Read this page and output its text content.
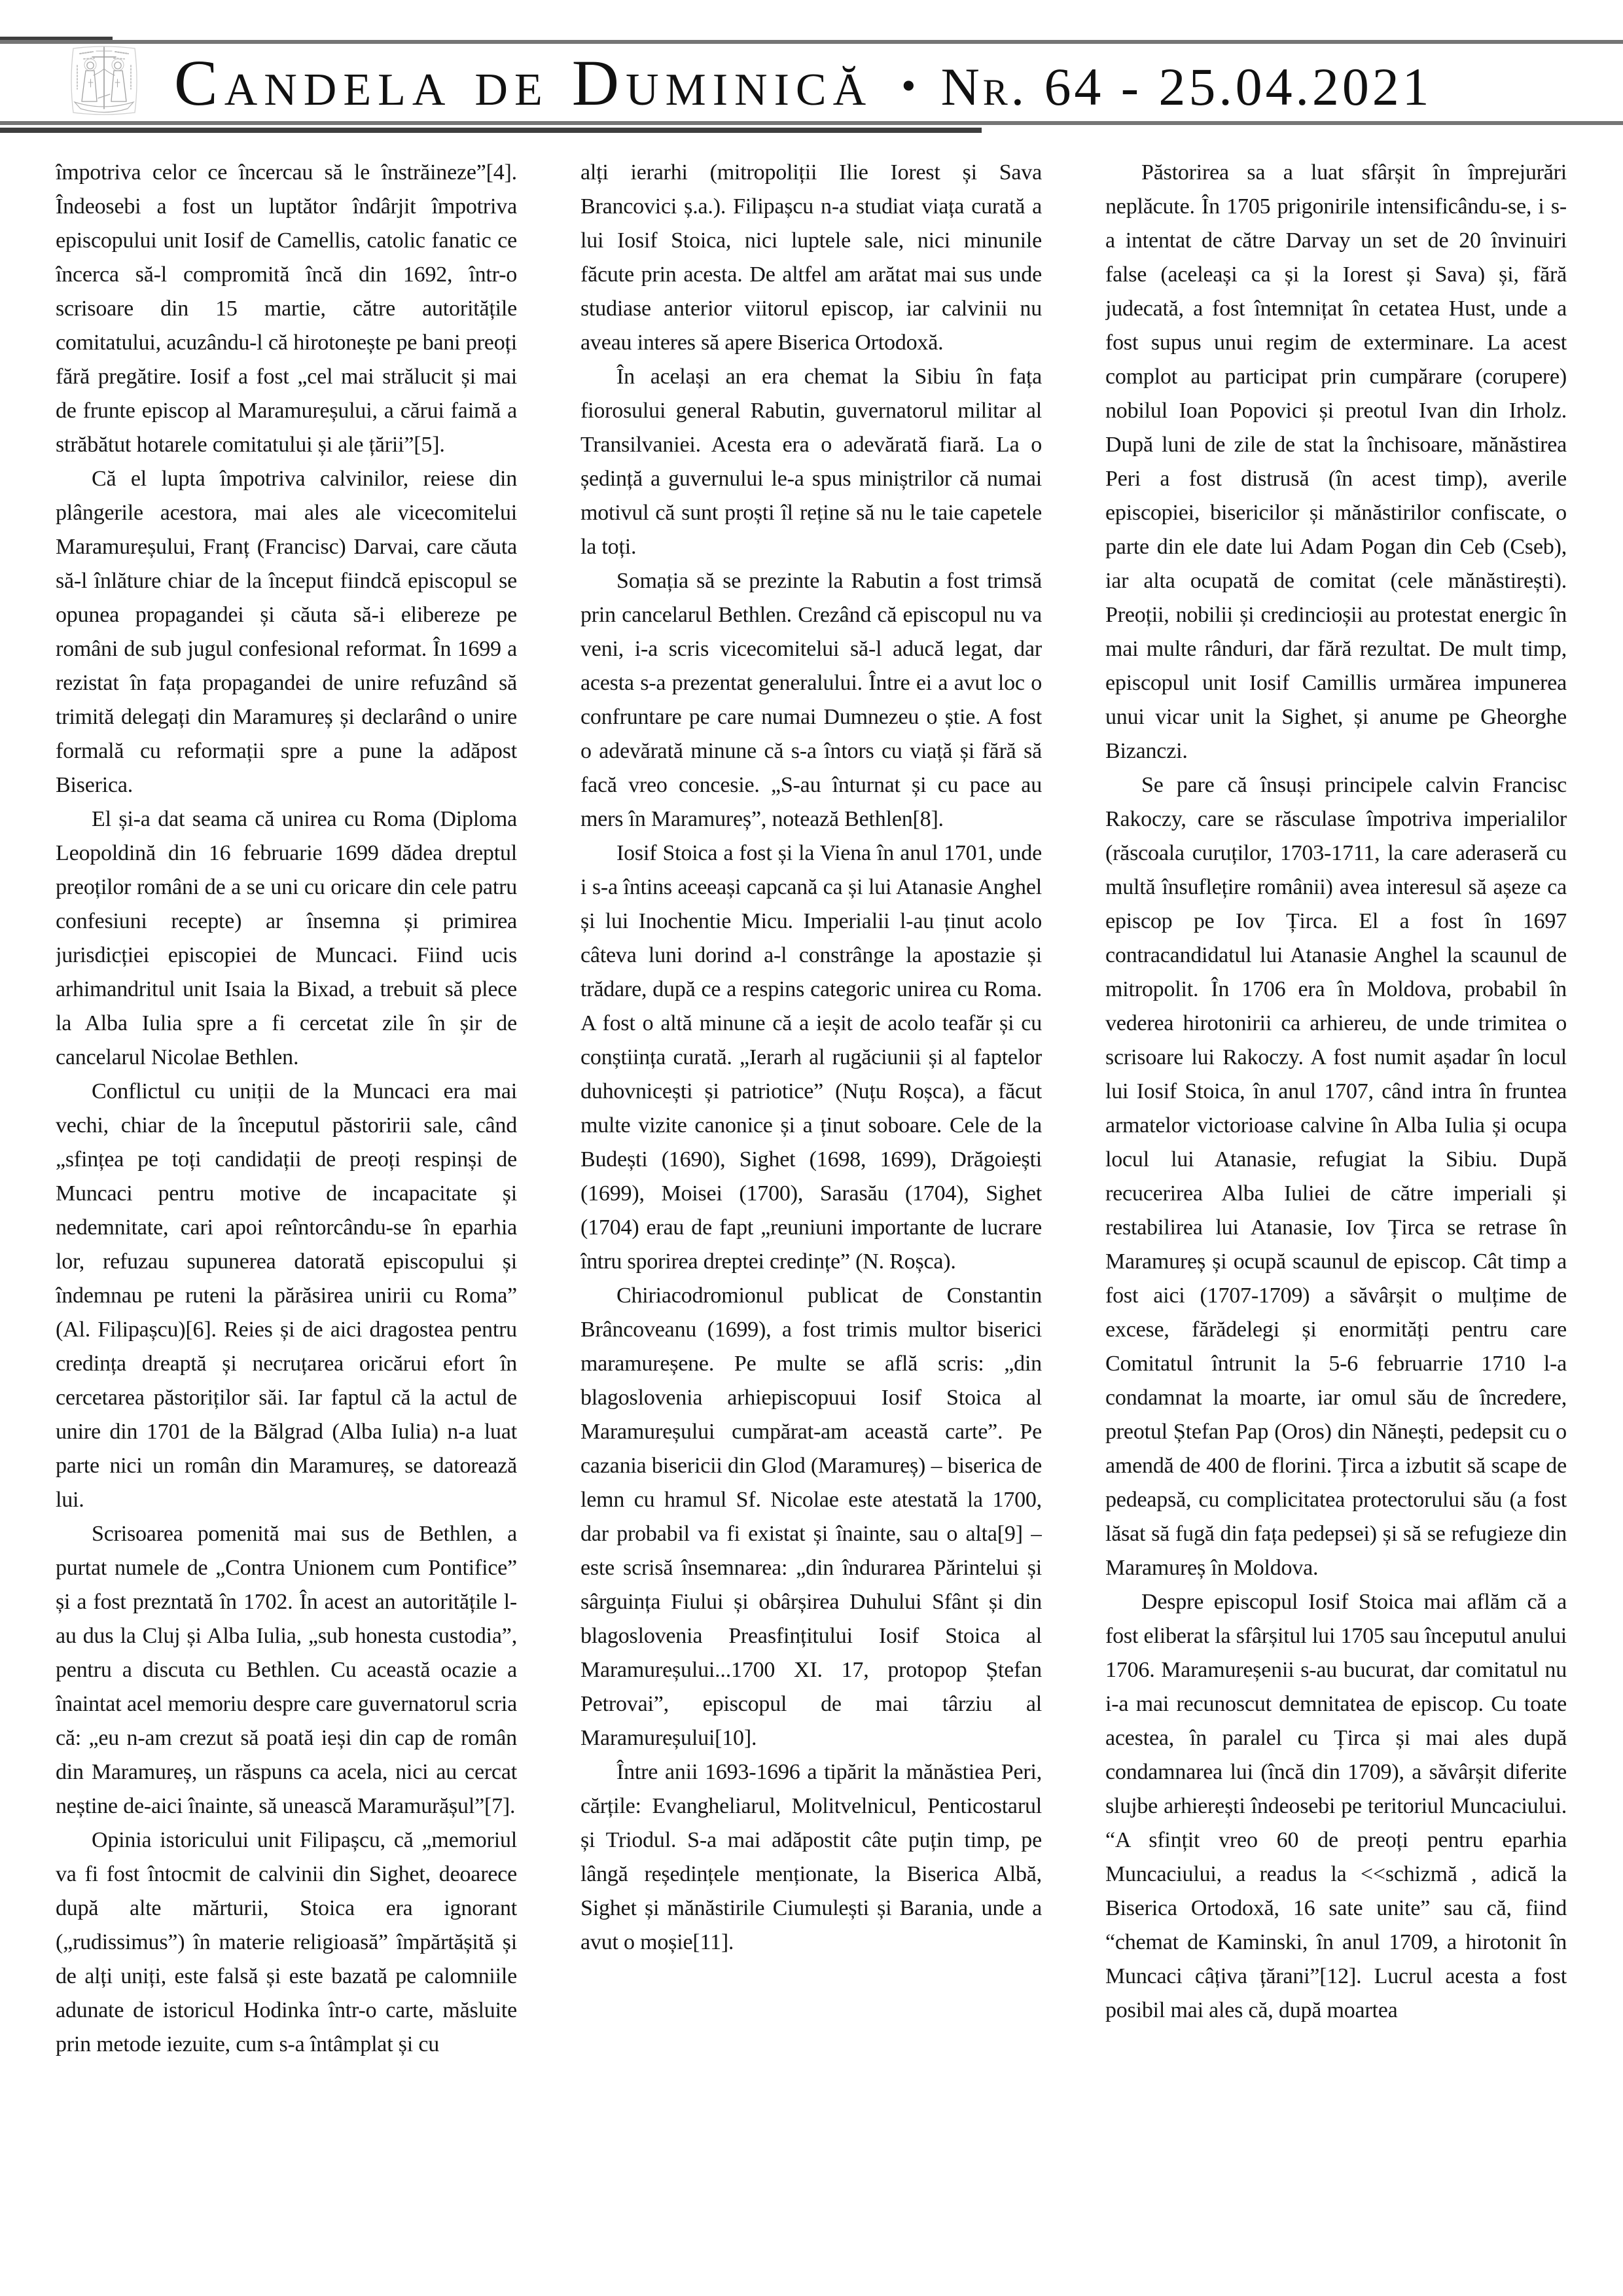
Candela de Duminică • Nr. 64 - 25.04.2021

împotriva celor ce încercau să le înstrăineze”[4]. Îndeosebi a fost un luptător îndârjit împotriva episcopului unit Iosif de Camellis, catolic fanatic ce încerca să-l compromită încă din 1692, într-o scrisoare din 15 martie, către autoritățile comitatului, acuzându-l că hirotonește pe bani preoți fără pregătire. Iosif a fost „cel mai strălucit și mai de frunte episcop al Maramureșului, a cărui faimă a străbătut hotarele comitatului și ale țării”[5].

Că el lupta împotriva calvinilor, reiese din plângerile acestora, mai ales ale vicecomitelui Maramureșului, Franț (Francisc) Darvai, care căuta să-l înlăture chiar de la început fiindcă episcopul se opunea propagandei și căuta să-i elibereze pe români de sub jugul confesional reformat. În 1699 a rezistat în fața propagandei de unire refuzând să trimită delegați din Maramureș și declarând o unire formală cu reformații spre a pune la adăpost Biserica.

El și-a dat seama că unirea cu Roma (Diploma Leopoldină din 16 februarie 1699 dădea dreptul preoților români de a se uni cu oricare din cele patru confesiuni recepte) ar însemna și primirea jurisdicției episcopiei de Muncaci. Fiind ucis arhimandritul unit Isaia la Bixad, a trebuit să plece la Alba Iulia spre a fi cercetat zile în șir de cancelarul Nicolae Bethlen.

Conflictul cu uniții de la Muncaci era mai vechi, chiar de la începutul păstoririi sale, când „sfințea pe toți candidații de preoți respinși de Muncaci pentru motive de incapacitate și nedemnitate, cari apoi reîntorcându-se în eparhia lor, refuzau supunerea datorată episcopului și îndemnau pe ruteni la părăsirea unirii cu Roma” (Al. Filipașcu)[6]. Reies și de aici dragostea pentru credința dreaptă și necruțarea oricărui efort în cercetarea păstoriților săi. Iar faptul că la actul de unire din 1701 de la Bălgrad (Alba Iulia) n-a luat parte nici un român din Maramureș, se datorează lui.

Scrisoarea pomenită mai sus de Bethlen, a purtat numele de „Contra Unionem cum Pontifice” și a fost prezntată în 1702. În acest an autoritățile l-au dus la Cluj și Alba Iulia, „sub honesta custodia”, pentru a discuta cu Bethlen. Cu această ocazie a înaintat acel memoriu despre care guvernatorul scria că: „eu n-am crezut să poată ieși din cap de român din Maramureș, un răspuns ca acela, nici au cercat neștine de-aici înainte, să unească Maramurășul”[7].

Opinia istoricului unit Filipașcu, că „memoriul va fi fost întocmit de calvinii din Sighet, deoarece după alte mărturii, Stoica era ignorant („rudissimus”) în materie religioasă” împărtășită și de alți uniți, este falsă și este bazată pe calomniile adunate de istoricul Hodinka într-o carte, măsluite prin metode iezuite, cum s-a întâmplat și cu

alți ierarhi (mitropoliții Ilie Iorest și Sava Brancovici ș.a.). Filipașcu n-a studiat viața curată a lui Iosif Stoica, nici luptele sale, nici minunile făcute prin acesta. De altfel am arătat mai sus unde studiase anterior viitorul episcop, iar calvinii nu aveau interes să apere Biserica Ortodoxă.

În același an era chemat la Sibiu în fața fiorosului general Rabutin, guvernatorul militar al Transilvaniei. Acesta era o adevărată fiară. La o ședință a guvernului le-a spus miniștrilor că numai motivul că sunt proști îl reține să nu le taie capetele la toți.

Somația să se prezinte la Rabutin a fost trimsă prin cancelarul Bethlen. Crezând că episcopul nu va veni, i-a scris vicecomitelui să-l aducă legat, dar acesta s-a prezentat generalului. Între ei a avut loc o confruntare pe care numai Dumnezeu o știe. A fost o adevărată minune că s-a întors cu viață și fără să facă vreo concesie. „S-au înturnat și cu pace au mers în Maramureș”, notează Bethlen[8].

Iosif Stoica a fost și la Viena în anul 1701, unde i s-a întins aceeași capcană ca și lui Atanasie Anghel și lui Inochentie Micu. Imperialii l-au ținut acolo câteva luni dorind a-l constrânge la apostazie și trădare, după ce a respins categoric unirea cu Roma. A fost o altă minune că a ieșit de acolo teafăr și cu conștiința curată. „Ierarh al rugăciunii și al faptelor duhovnicești și patriotice” (Nuțu Roșca), a făcut multe vizite canonice și a ținut soboare. Cele de la Budești (1690), Sighet (1698, 1699), Drăgoiești (1699), Moisei (1700), Sarasău (1704), Sighet (1704) erau de fapt „reuniuni importante de lucrare întru sporirea dreptei credințe” (N. Roșca).

Chiriacodromionul publicat de Constantin Brâncoveanu (1699), a fost trimis multor biserici maramureșene. Pe multe se află scris: „din blagoslovenia arhiepiscopuui Iosif Stoica al Maramureșului cumpărat-am această carte”. Pe cazania bisericii din Glod (Maramureș) – biserica de lemn cu hramul Sf. Nicolae este atestată la 1700, dar probabil va fi existat și înainte, sau o alta[9] – este scrisă însemnarea: „din îndurarea Părintelui și sârguința Fiului și obârșirea Duhului Sfânt și din blagoslovenia Preasfințitului Iosif Stoica al Maramureșului...1700 XI. 17, protopop Ștefan Petrovai”, episcopul de mai târziu al Maramureșului[10].

Între anii 1693-1696 a tipărit la mănăstiea Peri, cărțile: Evangheliarul, Molitvelnicul, Penticostarul și Triodul. S-a mai adăpostit câte puțin timp, pe lângă reședințele menționate, la Biserica Albă, Sighet și mănăstirile Ciumulești și Barania, unde a avut o moșie[11].

Păstorirea sa a luat sfârșit în împrejurări neplăcute. În 1705 prigonirile intensificându-se, i s-a intentat de către Darvay un set de 20 învinuiri false (aceleași ca și la Iorest și Sava) și, fără judecată, a fost întemnițat în cetatea Hust, unde a fost supus unui regim de exterminare. La acest complot au participat prin cumpărare (corupere) nobilul Ioan Popovici și preotul Ivan din Irholz. După luni de zile de stat la închisoare, mănăstirea Peri a fost distrusă (în acest timp), averile episcopiei, bisericilor și mănăstirilor confiscate, o parte din ele date lui Adam Pogan din Ceb (Cseb), iar alta ocupată de comitat (cele mănăstirești). Preoții, nobilii și credincioșii au protestat energic în mai multe rânduri, dar fără rezultat. De mult timp, episcopul unit Iosif Camillis urmărea impunerea unui vicar unit la Sighet, și anume pe Gheorghe Bizanczi.

Se pare că însuși principele calvin Francisc Rakoczy, care se răsculase împotriva imperialilor (răscoala curuților, 1703-1711, la care aderaseră cu multă însuflețire românii) avea interesul să așeze ca episcop pe Iov Țirca. El a fost în 1697 contracandidatul lui Atanasie Anghel la scaunul de mitropolit. În 1706 era în Moldova, probabil în vederea hirotonirii ca arhiereu, de unde trimitea o scrisoare lui Rakoczy. A fost numit așadar în locul lui Iosif Stoica, în anul 1707, când intra în fruntea armatelor victorioase calvine în Alba Iulia și ocupa locul lui Atanasie, refugiat la Sibiu. După recucerirea Alba Iuliei de către imperiali și restabilirea lui Atanasie, Iov Țirca se retrase în Maramureș și ocupă scaunul de episcop. Cât timp a fost aici (1707-1709) a săvârșit o mulțime de excese, fărădelegi și enormități pentru care Comitatul întrunit la 5-6 februarrie 1710 l-a condamnat la moarte, iar omul său de încredere, preotul Ștefan Pap (Oros) din Nănești, pedepsit cu o amendă de 400 de florini. Țirca a izbutit să scape de pedeapsă, cu complicitatea protectorului său (a fost lăsat să fugă din fața pedepsei) și să se refugieze din Maramureș în Moldova.

Despre episcopul Iosif Stoica mai aflăm că a fost eliberat la sfârșitul lui 1705 sau începutul anului 1706. Maramureșenii s-au bucurat, dar comitatul nu i-a mai recunoscut demnitatea de episcop. Cu toate acestea, în paralel cu Țirca și mai ales după condamnarea lui (încă din 1709), a săvârșit diferite slujbe arhierești îndeosebi pe teritoriul Muncaciului. “A sfințit vreo 60 de preoți pentru eparhia Muncaciului, a readus la <<schizmă , adică la Biserica Ortodoxă, 16 sate unite” sau că, fiind “chemat de Kaminski, în anul 1709, a hirotonit în Muncaci câțiva țărani”[12]. Lucrul acesta a fost posibil mai ales că, după moartea
